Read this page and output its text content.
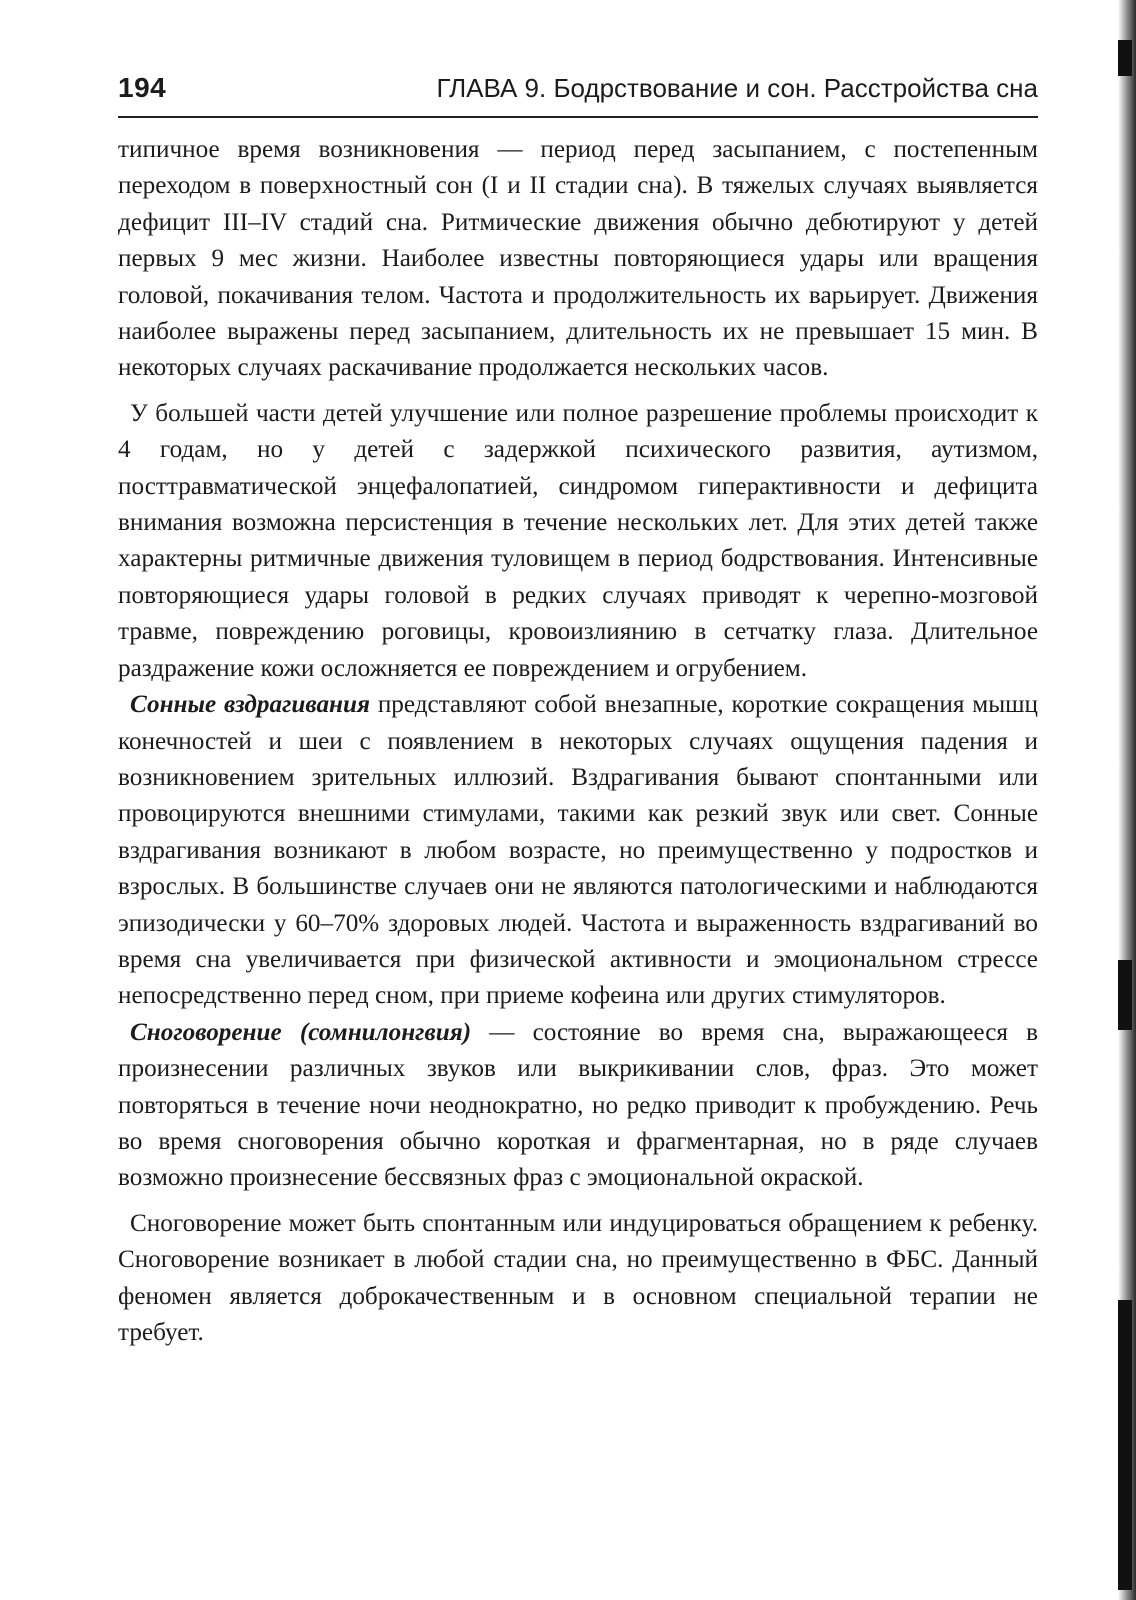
194	ГЛАВА 9. Бодрствование и сон. Расстройства сна

типичное время возникновения — период перед засыпанием, с постепенным переходом в поверхностный сон (I и II стадии сна). В тяжелых случаях выявляется дефицит III–IV стадий сна. Ритмические движения обычно дебютируют у детей первых 9 мес жизни. Наиболее известны повторяющиеся удары или вращения головой, покачивания телом. Частота и продолжительность их варьирует. Движения наиболее выражены перед засыпанием, длительность их не превышает 15 мин. В некоторых случаях раскачивание продолжается нескольких часов.

У большей части детей улучшение или полное разрешение проблемы происходит к 4 годам, но у детей с задержкой психического развития, аутизмом, посттравматической энцефалопатией, синдромом гиперактивности и дефицита внимания возможна персистенция в течение нескольких лет. Для этих детей также характерны ритмичные движения туловищем в период бодрствования. Интенсивные повторяющиеся удары головой в редких случаях приводят к черепно-мозговой травме, повреждению роговицы, кровоизлиянию в сетчатку глаза. Длительное раздражение кожи осложняется ее повреждением и огрубением.

Сонные вздрагивания представляют собой внезапные, короткие сокращения мышц конечностей и шеи с появлением в некоторых случаях ощущения падения и возникновением зрительных иллюзий. Вздрагивания бывают спонтанными или провоцируются внешними стимулами, такими как резкий звук или свет. Сонные вздрагивания возникают в любом возрасте, но преимущественно у подростков и взрослых. В большинстве случаев они не являются патологическими и наблюдаются эпизодически у 60–70% здоровых людей. Частота и выраженность вздрагиваний во время сна увеличивается при физической активности и эмоциональном стрессе непосредственно перед сном, при приеме кофеина или других стимуляторов.

Сноговорение (сомнилонгвия) — состояние во время сна, выражающееся в произнесении различных звуков или выкрикивании слов, фраз. Это может повторяться в течение ночи неоднократно, но редко приводит к пробуждению. Речь во время сноговорения обычно короткая и фрагментарная, но в ряде случаев возможно произнесение бессвязных фраз с эмоциональной окраской.

Сноговорение может быть спонтанным или индуцироваться обращением к ребенку. Сноговорение возникает в любой стадии сна, но преимущественно в ФБС. Данный феномен является доброкачественным и в основном специальной терапии не требует.
